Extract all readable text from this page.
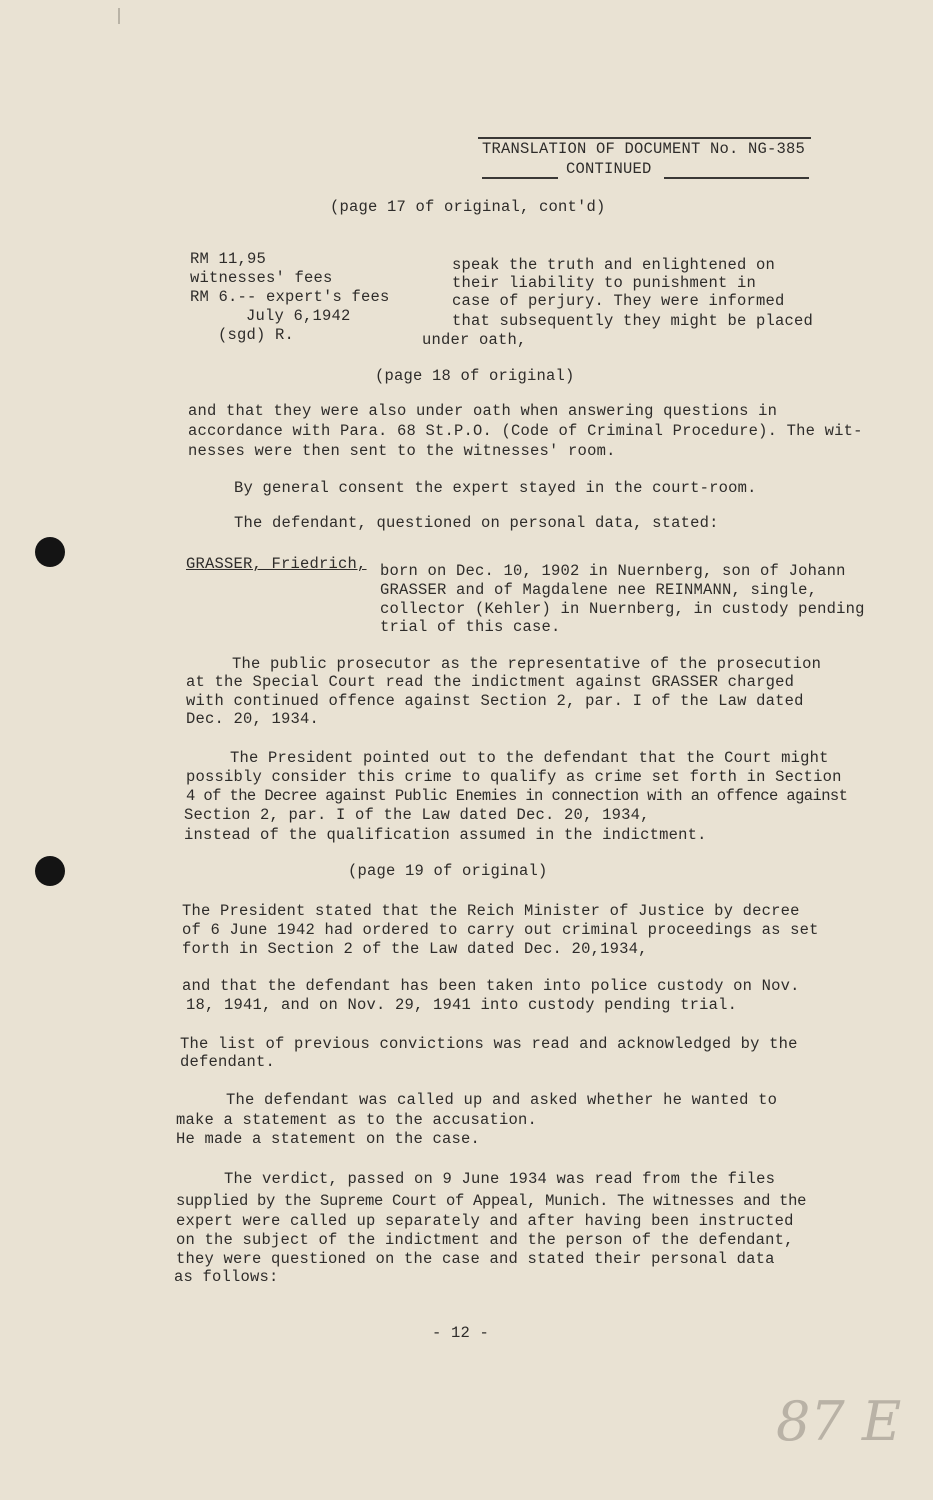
TRANSLATION OF DOCUMENT No. NG-385
CONTINUED
(page 17 of original, cont'd)
RM 11,95
witnesses' fees
RM 6.-- expert's fees
July 6,1942
(sgd) R.
speak the truth and enlightened on
their liability to punishment in
case of perjury. They were informed
that subsequently they might be placed
under oath,
(page 18 of original)
and that they were also under oath when answering questions in
accordance with Para. 68 St.P.O. (Code of Criminal Procedure). The wit-
nesses were then sent to the witnesses' room.
By general consent the expert stayed in the court-room.
The defendant, questioned on personal data, stated:
GRASSER, Friedrich, born on Dec. 10, 1902 in Nuernberg, son of Johann
GRASSER and of Magdalene nee REINMANN, single,
collector (Kehler) in Nuernberg, in custody pending
trial of this case.
The public prosecutor as the representative of the prosecution
at the Special Court read the indictment against GRASSER charged
with continued offence against Section 2, par. I of the Law dated
Dec. 20, 1934.
The President pointed out to the defendant that the Court might
possibly consider this crime to qualify as crime set forth in Section
4 of the Decree against Public Enemies in connection with an offence against
Section 2, par. I of the Law dated Dec. 20, 1934,
instead of the qualification assumed in the indictment.
(page 19 of original)
The President stated that the Reich Minister of Justice by decree
of 6 June 1942 had ordered to carry out criminal proceedings as set
forth in Section 2 of the Law dated Dec. 20,1934,
and that the defendant has been taken into police custody on Nov.
18, 1941, and on Nov. 29, 1941 into custody pending trial.
The list of previous convictions was read and acknowledged by the
defendant.
The defendant was called up and asked whether he wanted to
make a statement as to the accusation.
He made a statement on the case.
The verdict, passed on 9 June 1934 was read from the files
supplied by the Supreme Court of Appeal, Munich. The witnesses and the
expert were called up separately and after having been instructed
on the subject of the indictment and the person of the defendant,
they were questioned on the case and stated their personal data
as follows:
- 12 -
87 E
